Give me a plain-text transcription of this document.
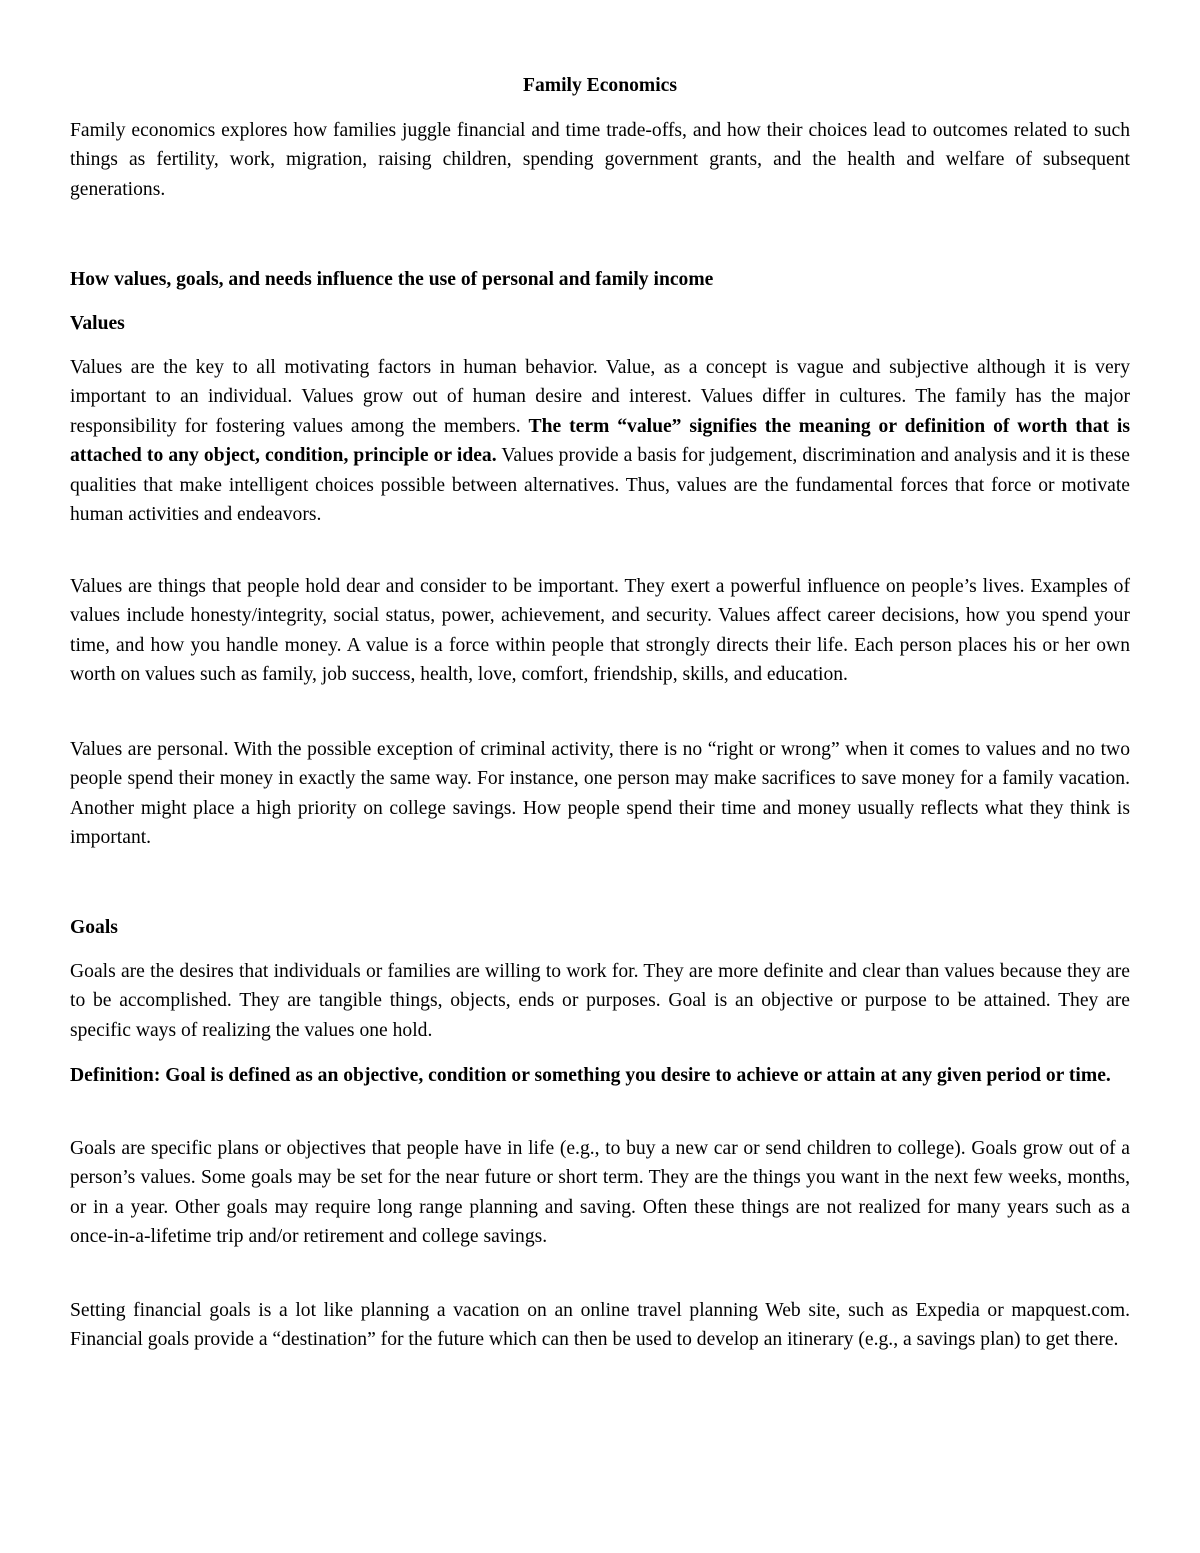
Family Economics

Family economics explores how families juggle financial and time trade-offs, and how their choices lead to outcomes related to such things as fertility, work, migration, raising children, spending government grants, and the health and welfare of subsequent generations.

How values, goals, and needs influence the use of personal and family income

Values

Values are the key to all motivating factors in human behavior. Value, as a concept is vague and subjective although it is very important to an individual. Values grow out of human desire and interest. Values differ in cultures. The family has the major responsibility for fostering values among the members. The term “value” signifies the meaning or definition of worth that is attached to any object, condition, principle or idea. Values provide a basis for judgement, discrimination and analysis and it is these qualities that make intelligent choices possible between alternatives. Thus, values are the fundamental forces that force or motivate human activities and endeavors.

Values are things that people hold dear and consider to be important. They exert a powerful influence on people’s lives. Examples of values include honesty/integrity, social status, power, achievement, and security. Values affect career decisions, how you spend your time, and how you handle money. A value is a force within people that strongly directs their life. Each person places his or her own worth on values such as family, job success, health, love, comfort, friendship, skills, and education.

Values are personal. With the possible exception of criminal activity, there is no “right or wrong” when it comes to values and no two people spend their money in exactly the same way. For instance, one person may make sacrifices to save money for a family vacation. Another might place a high priority on college savings. How people spend their time and money usually reflects what they think is important.

Goals

Goals are the desires that individuals or families are willing to work for. They are more definite and clear than values because they are to be accomplished. They are tangible things, objects, ends or purposes. Goal is an objective or purpose to be attained. They are specific ways of realizing the values one hold.

Definition: Goal is defined as an objective, condition or something you desire to achieve or attain at any given period or time.

Goals are specific plans or objectives that people have in life (e.g., to buy a new car or send children to college). Goals grow out of a person’s values. Some goals may be set for the near future or short term. They are the things you want in the next few weeks, months, or in a year. Other goals may require long range planning and saving. Often these things are not realized for many years such as a once-in-a-lifetime trip and/or retirement and college savings.

Setting financial goals is a lot like planning a vacation on an online travel planning Web site, such as Expedia or mapquest.com. Financial goals provide a “destination” for the future which can then be used to develop an itinerary (e.g., a savings plan) to get there.
